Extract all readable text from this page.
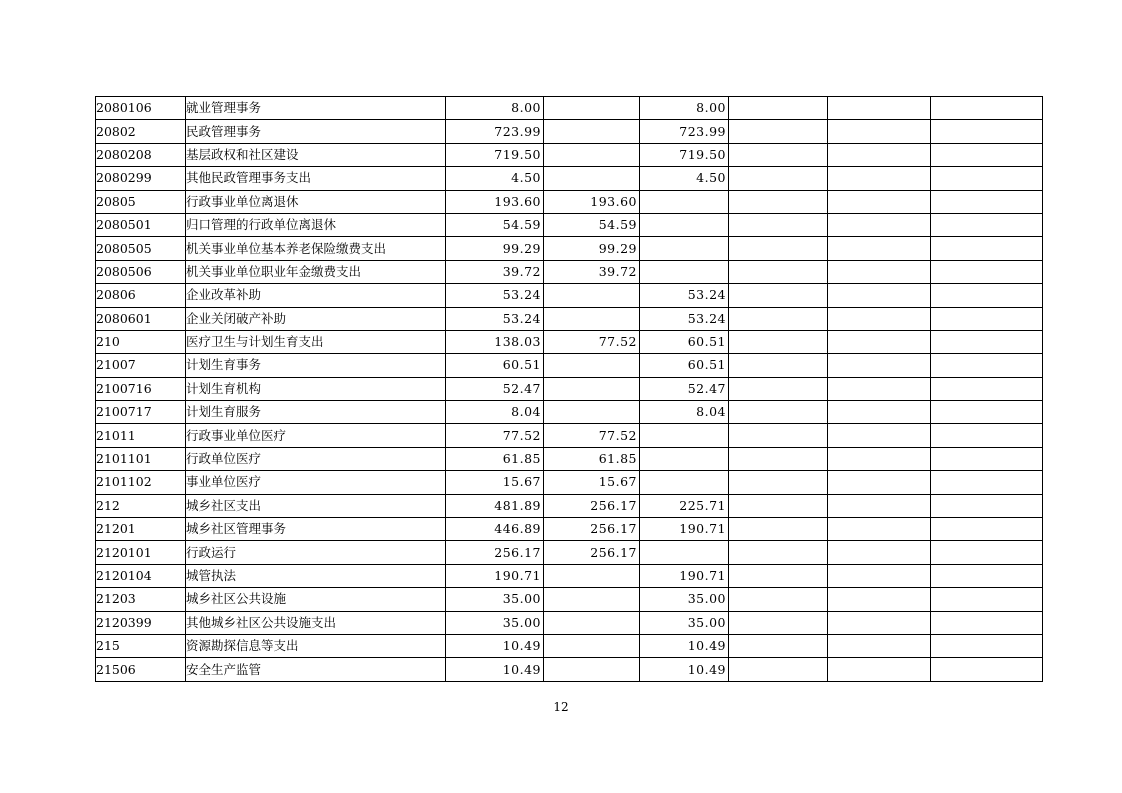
2080106	就业管理事务	8.00		8.00			
20802	民政管理事务	723.99		723.99			
2080208	基层政权和社区建设	719.50		719.50			
2080299	其他民政管理事务支出	4.50		4.50			
20805	行政事业单位离退休	193.60	193.60				
2080501	归口管理的行政单位离退休	54.59	54.59				
2080505	机关事业单位基本养老保险缴费支出	99.29	99.29				
2080506	机关事业单位职业年金缴费支出	39.72	39.72				
20806	企业改革补助	53.24		53.24			
2080601	企业关闭破产补助	53.24		53.24			
210	医疗卫生与计划生育支出	138.03	77.52	60.51			
21007	计划生育事务	60.51		60.51			
2100716	计划生育机构	52.47		52.47			
2100717	计划生育服务	8.04		8.04			
21011	行政事业单位医疗	77.52	77.52				
2101101	行政单位医疗	61.85	61.85				
2101102	事业单位医疗	15.67	15.67				
212	城乡社区支出	481.89	256.17	225.71			
21201	城乡社区管理事务	446.89	256.17	190.71			
2120101	行政运行	256.17	256.17				
2120104	城管执法	190.71		190.71			
21203	城乡社区公共设施	35.00		35.00			
2120399	其他城乡社区公共设施支出	35.00		35.00			
215	资源勘探信息等支出	10.49		10.49			
21506	安全生产监管	10.49		10.49			
12
